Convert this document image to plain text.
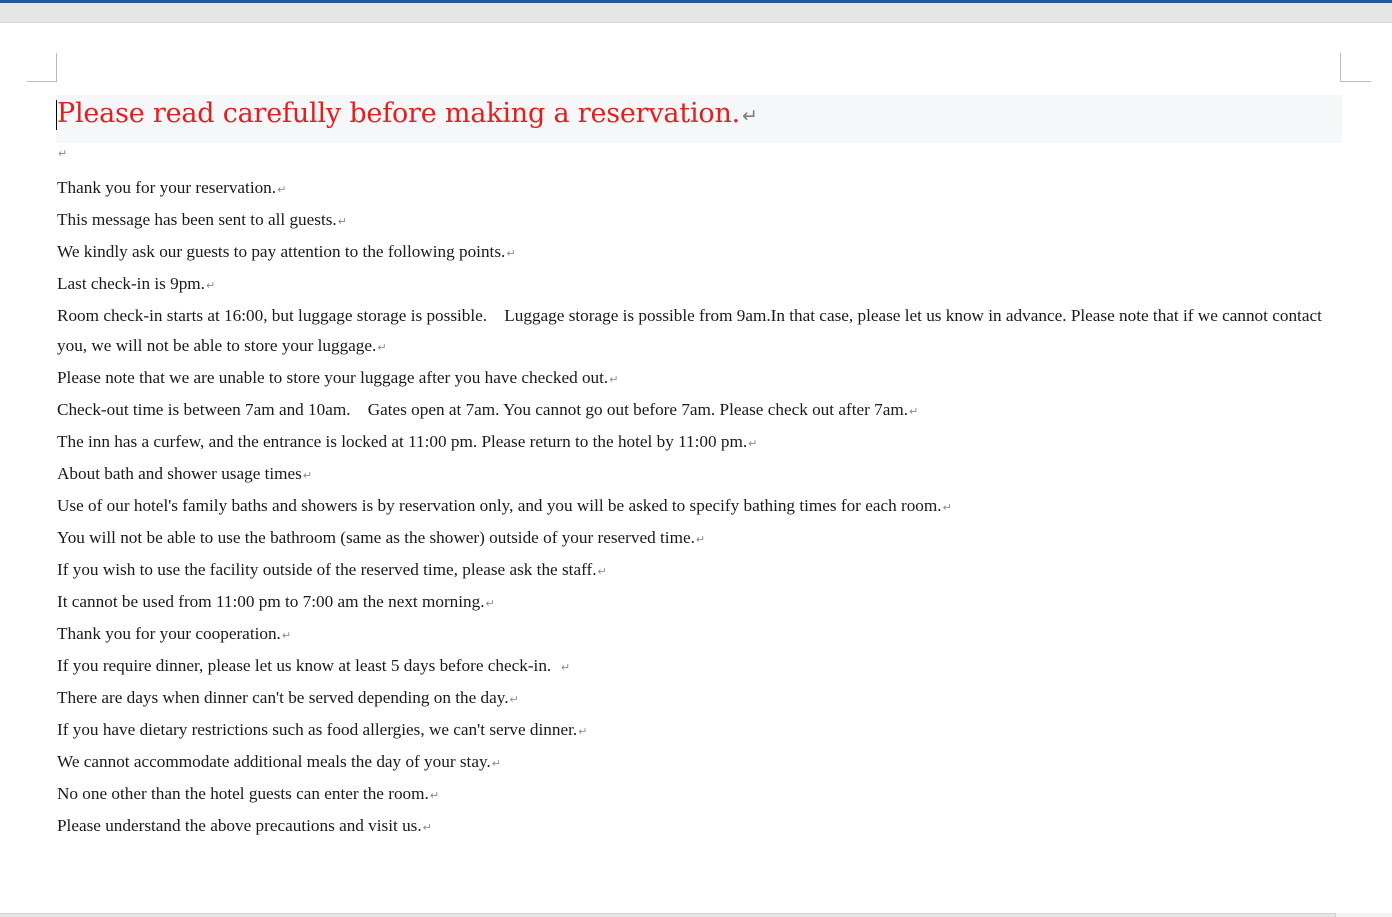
Please read carefully before making a reservation. ↵
↵

Thank you for your reservation.↵

This message has been sent to all guests.↵

We kindly ask our guests to pay attention to the following points.↵

Last check-in is 9pm.↵

Room check-in starts at 16:00, but luggage storage is possible.    Luggage storage is possible from 9am.In that case, please let us know in advance. Please note that if we cannot contact you, we will not be able to store your luggage.↵

Please note that we are unable to store your luggage after you have checked out.↵

Check-out time is between 7am and 10am.    Gates open at 7am. You cannot go out before 7am. Please check out after 7am.↵

The inn has a curfew, and the entrance is locked at 11:00 pm. Please return to the hotel by 11:00 pm.↵

About bath and shower usage times↵

Use of our hotel's family baths and showers is by reservation only, and you will be asked to specify bathing times for each room.↵

You will not be able to use the bathroom (same as the shower) outside of your reserved time.↵

If you wish to use the facility outside of the reserved time, please ask the staff.↵

It cannot be used from 11:00 pm to 7:00 am the next morning.↵

Thank you for your cooperation.↵

If you require dinner, please let us know at least 5 days before check-in.  ↵

There are days when dinner can't be served depending on the day.↵

If you have dietary restrictions such as food allergies, we can't serve dinner.↵

We cannot accommodate additional meals the day of your stay.↵

No one other than the hotel guests can enter the room.↵

Please understand the above precautions and visit us.↵
